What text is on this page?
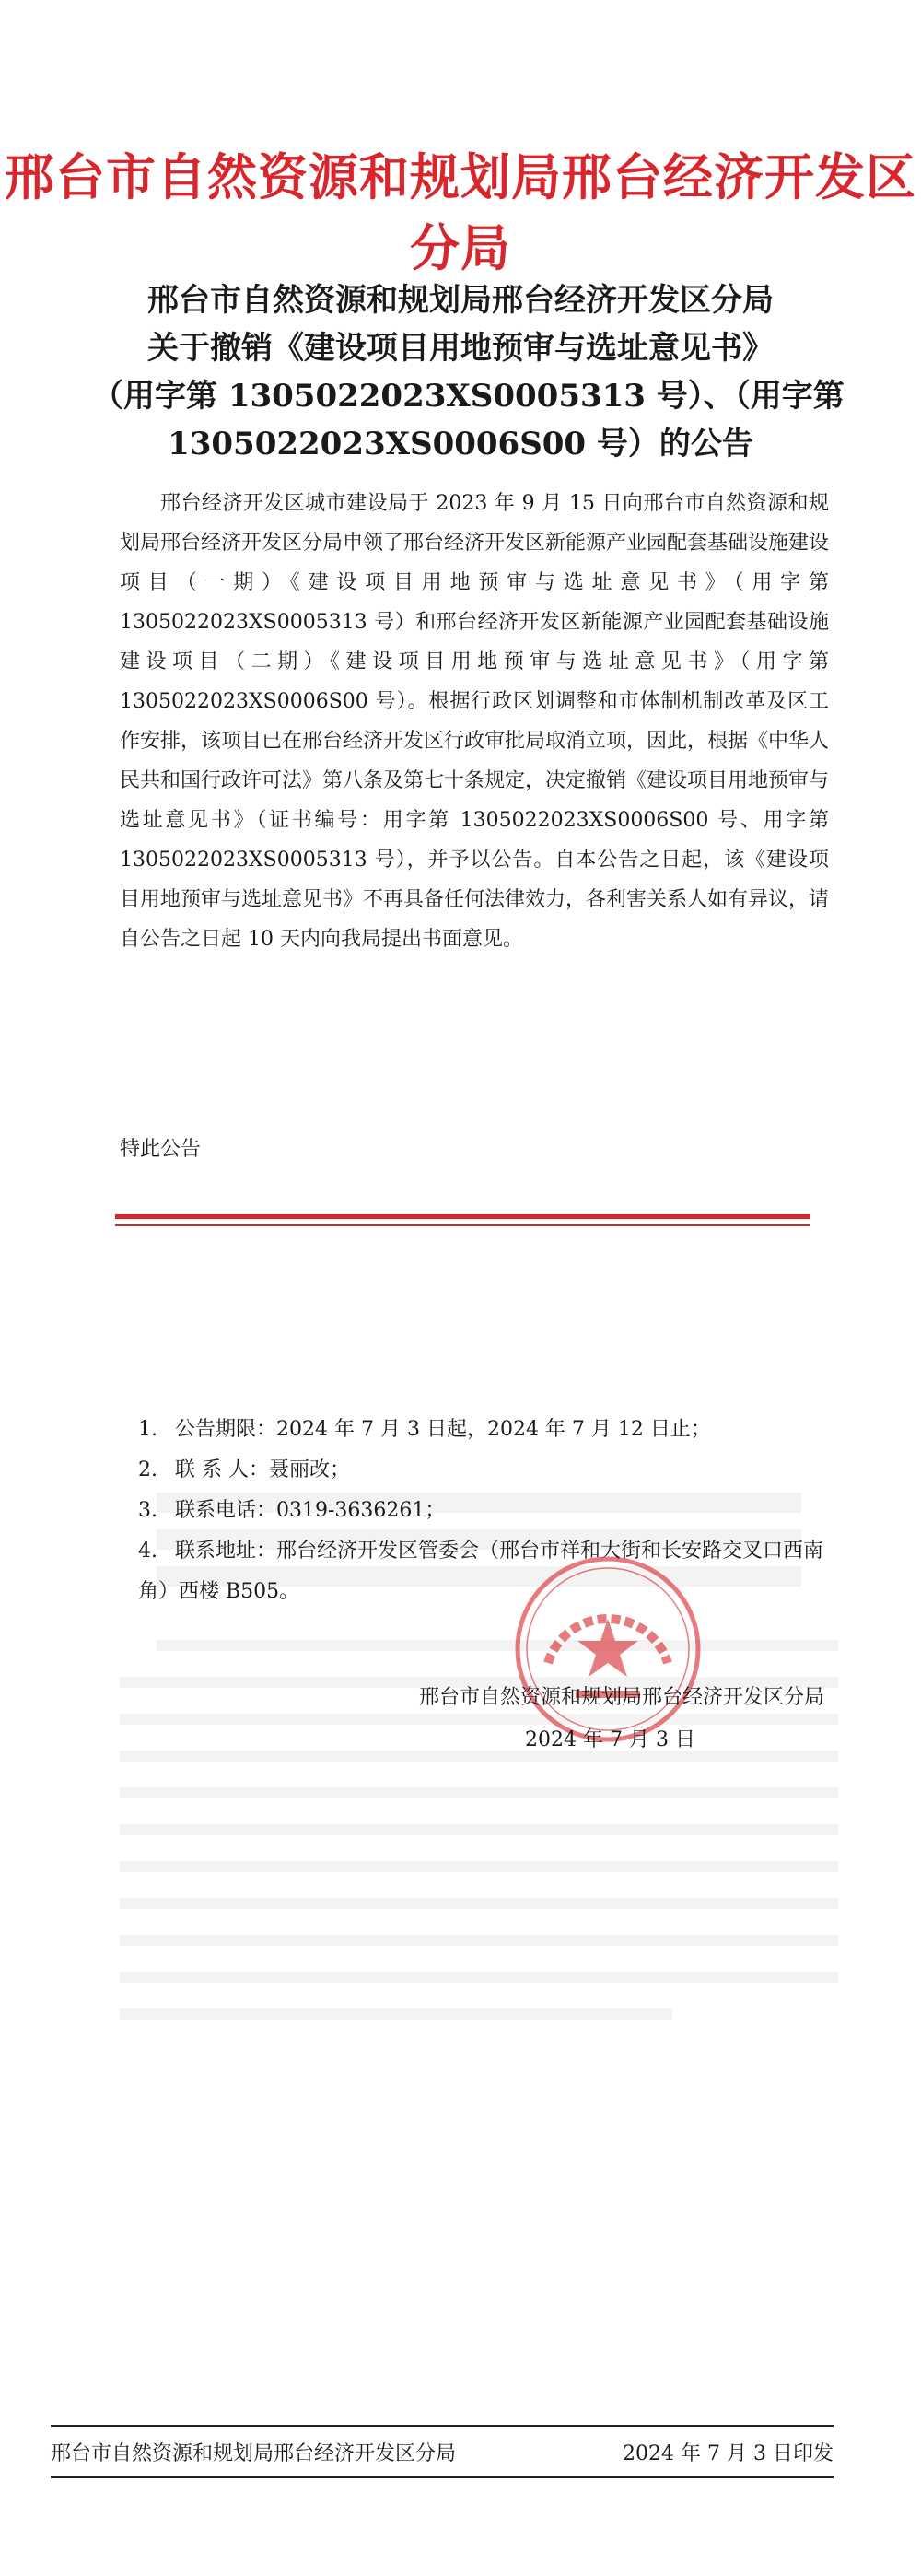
邢台市自然资源和规划局邢台经济开发区分局
邢台市自然资源和规划局邢台经济开发区分局
关于撤销《建设项目用地预审与选址意见书》
（用字第 1305022023XS0005313 号）、（用字第
1305022023XS0006S00 号）的公告

邢台经济开发区城市建设局于 2023 年 9 月 15 日向邢台市自然资源和规划局邢台经济开发区分局申领了邢台经济开发区新能源产业园配套基础设施建设项目（一期）《建设项目用地预审与选址意见书》（用字第 1305022023XS0005313 号）和邢台经济开发区新能源产业园配套基础设施建设项目（二期）《建设项目用地预审与选址意见书》（用字第 1305022023XS0006S00 号）。根据行政区划调整和市体制机制改革及区工作安排，该项目已在邢台经济开发区行政审批局取消立项，因此，根据《中华人民共和国行政许可法》第八条及第七十条规定，决定撤销《建设项目用地预审与选址意见书》（证书编号：用字第 1305022023XS0006S00 号、用字第 1305022023XS0005313 号），并予以公告。自本公告之日起，该《建设项目用地预审与选址意见书》不再具备任何法律效力，各利害关系人如有异议，请自公告之日起 10 天内向我局提出书面意见。

特此公告
1. 公告期限：2024 年 7 月 3 日起，2024 年 7 月 12 日止；
2. 联 系 人：聂丽改；
3. 联系电话：0319-3636261；
4. 联系地址：邢台经济开发区管委会（邢台市祥和大街和长安路交叉口西南角）西楼 B505。
邢台市自然资源和规划局邢台经济开发区分局
2024 年 7 月 3 日
邢台市自然资源和规划局邢台经济开发区分局	2024 年 7 月 3 日印发
